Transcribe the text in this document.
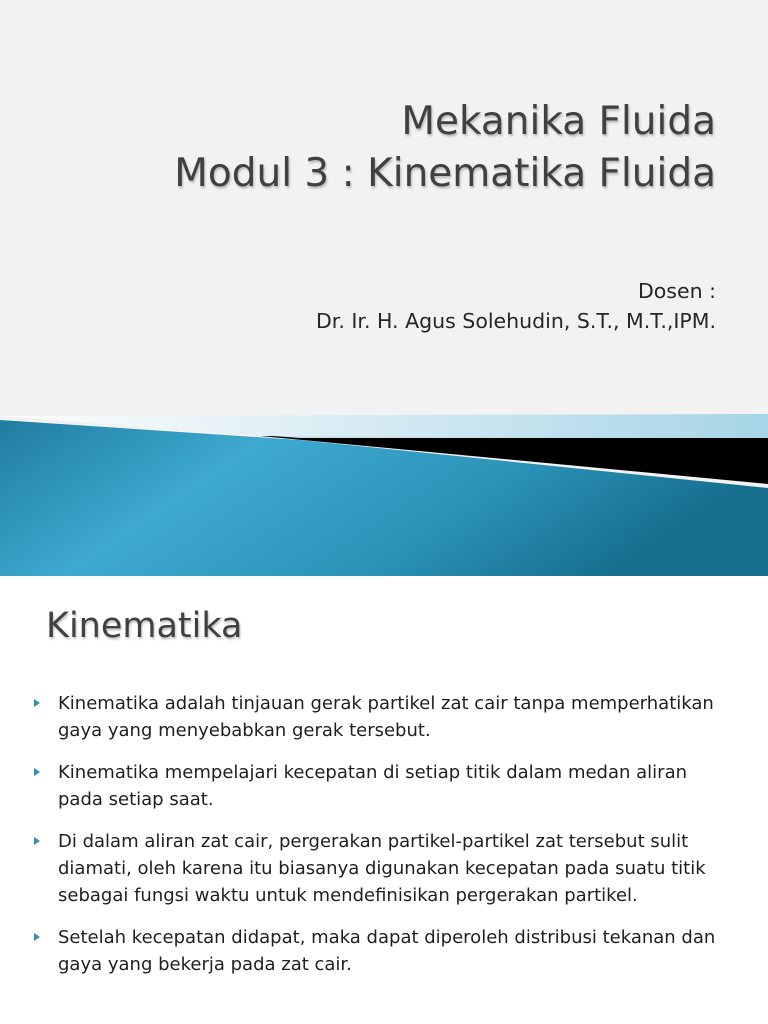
Mekanika Fluida
Modul 3 : Kinematika Fluida
Dosen :
Dr. Ir. H. Agus Solehudin, S.T., M.T.,IPM.
Kinematika
Kinematika adalah tinjauan gerak partikel zat cair tanpa memperhatikan gaya yang menyebabkan gerak tersebut.
Kinematika mempelajari kecepatan di setiap titik dalam medan aliran pada setiap saat.
Di dalam aliran zat cair, pergerakan partikel-partikel zat tersebut sulit diamati, oleh karena itu biasanya digunakan kecepatan pada suatu titik sebagai fungsi waktu untuk mendefinisikan pergerakan partikel.
Setelah kecepatan didapat, maka dapat diperoleh distribusi tekanan dan gaya yang bekerja pada zat cair.
